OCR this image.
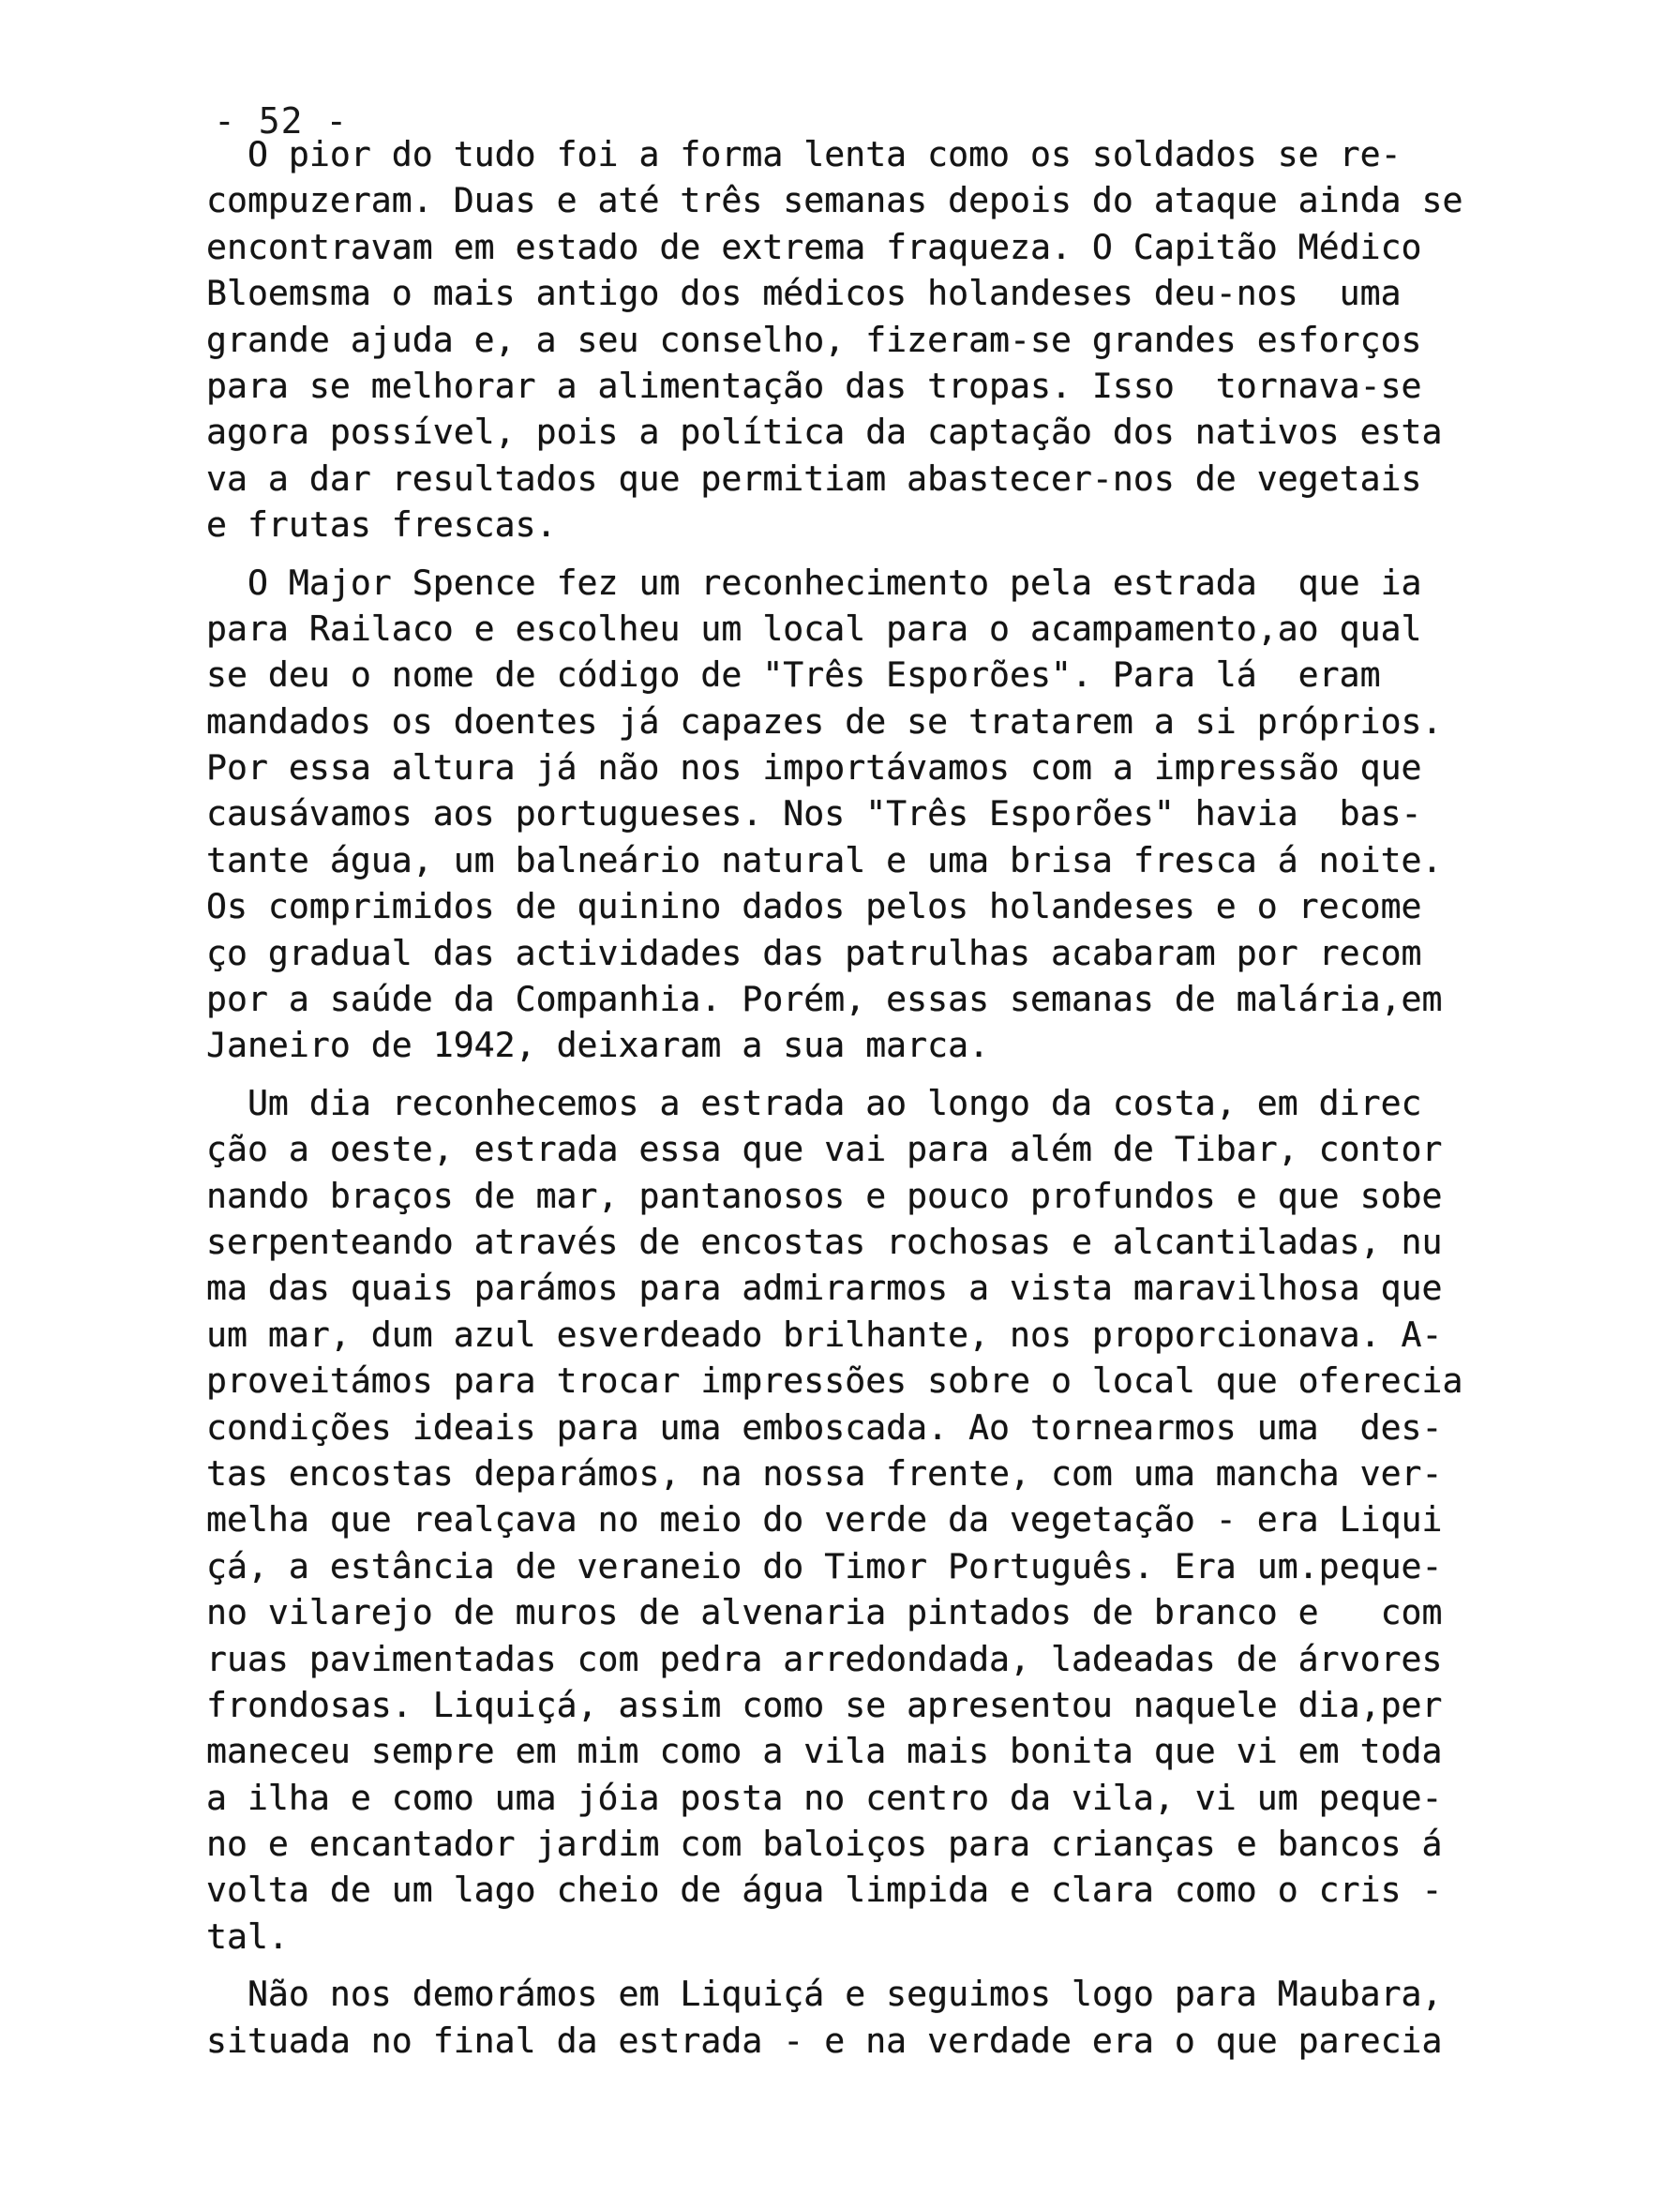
- 52 -
O pior do tudo foi a forma lenta como os soldados se re-
compuzeram. Duas e até três semanas depois do ataque ainda se
encontravam em estado de extrema fraqueza. O Capitão Médico
Bloemsma o mais antigo dos médicos holandeses deu-nos  uma
grande ajuda e, a seu conselho, fizeram-se grandes esforços
para se melhorar a alimentação das tropas. Isso  tornava-se
agora possível, pois a política da captação dos nativos esta
va a dar resultados que permitiam abastecer-nos de vegetais
e frutas frescas.
O Major Spence fez um reconhecimento pela estrada  que ia
para Railaco e escolheu um local para o acampamento,ao qual
se deu o nome de código de "Três Esporões". Para lá  eram
mandados os doentes já capazes de se tratarem a si próprios.
Por essa altura já não nos importávamos com a impressão que
causávamos aos portugueses. Nos "Três Esporões" havia  bas-
tante água, um balneário natural e uma brisa fresca á noite.
Os comprimidos de quinino dados pelos holandeses e o recome
ço gradual das actividades das patrulhas acabaram por recom
por a saúde da Companhia. Porém, essas semanas de malária,em
Janeiro de 1942, deixaram a sua marca.
Um dia reconhecemos a estrada ao longo da costa, em direc
ção a oeste, estrada essa que vai para além de Tibar, contor
nando braços de mar, pantanosos e pouco profundos e que sobe
serpenteando através de encostas rochosas e alcantiladas, nu
ma das quais parámos para admirarmos a vista maravilhosa que
um mar, dum azul esverdeado brilhante, nos proporcionava. A-
proveitámos para trocar impressões sobre o local que oferecia
condições ideais para uma emboscada. Ao tornearmos uma  des-
tas encostas deparámos, na nossa frente, com uma mancha ver-
melha que realçava no meio do verde da vegetação - era Liqui
çá, a estância de veraneio do Timor Português. Era um.peque-
no vilarejo de muros de alvenaria pintados de branco e   com
ruas pavimentadas com pedra arredondada, ladeadas de árvores
frondosas. Liquiçá, assim como se apresentou naquele dia,per
maneceu sempre em mim como a vila mais bonita que vi em toda
a ilha e como uma jóia posta no centro da vila, vi um peque-
no e encantador jardim com baloiços para crianças e bancos á
volta de um lago cheio de água limpida e clara como o cris -
tal.
Não nos demorámos em Liquiçá e seguimos logo para Maubara,
situada no final da estrada - e na verdade era o que parecia
